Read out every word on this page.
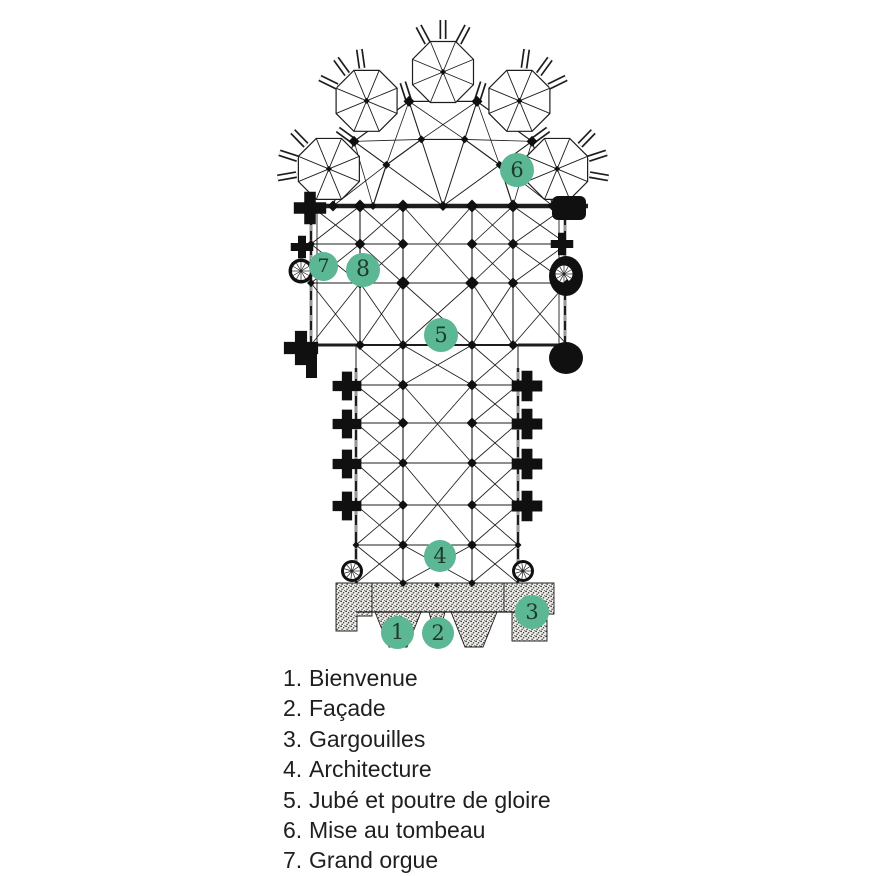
1	2
3
4
5
6
7	8
1. Bienvenue
2. Façade
3. Gargouilles
4. Architecture
5. Jubé et poutre de gloire
6. Mise au tombeau
7. Grand orgue
